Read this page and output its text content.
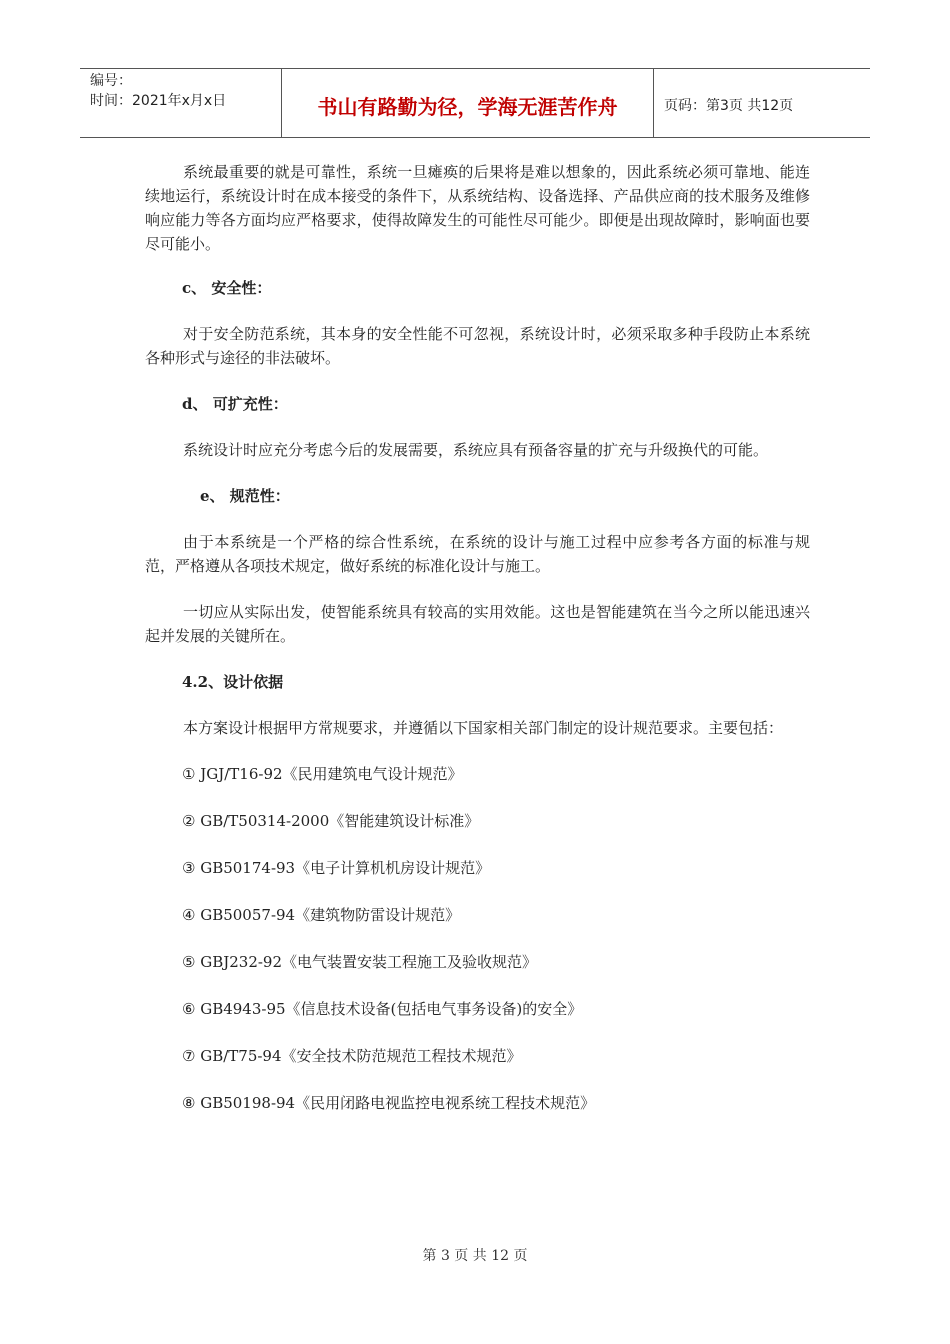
编号：
时间：2021年x月x日	书山有路勤为径，学海无涯苦作舟	页码：第3页 共12页

系统最重要的就是可靠性，系统一旦瘫痪的后果将是难以想象的，因此系统必须可靠地、能连续地运行，系统设计时在成本接受的条件下，从系统结构、设备选择、产品供应商的技术服务及维修响应能力等各方面均应严格要求，使得故障发生的可能性尽可能少。即便是出现故障时，影响面也要尽可能小。

c、 安全性：

对于安全防范系统，其本身的安全性能不可忽视，系统设计时，必须采取多种手段防止本系统各种形式与途径的非法破坏。

d、 可扩充性：

系统设计时应充分考虑今后的发展需要，系统应具有预备容量的扩充与升级换代的可能。

e、 规范性：

由于本系统是一个严格的综合性系统，在系统的设计与施工过程中应参考各方面的标准与规范，严格遵从各项技术规定，做好系统的标准化设计与施工。

一切应从实际出发，使智能系统具有较高的实用效能。这也是智能建筑在当今之所以能迅速兴起并发展的关键所在。

4.2、设计依据

本方案设计根据甲方常规要求，并遵循以下国家相关部门制定的设计规范要求。主要包括：

① JGJ/T16-92《民用建筑电气设计规范》

② GB/T50314-2000《智能建筑设计标准》

③ GB50174-93《电子计算机机房设计规范》

④ GB50057-94《建筑物防雷设计规范》

⑤ GBJ232-92《电气装置安装工程施工及验收规范》

⑥ GB4943-95《信息技术设备(包括电气事务设备)的安全》

⑦ GB/T75-94《安全技术防范规范工程技术规范》

⑧ GB50198-94《民用闭路电视监控电视系统工程技术规范》

第 3 页 共 12 页
